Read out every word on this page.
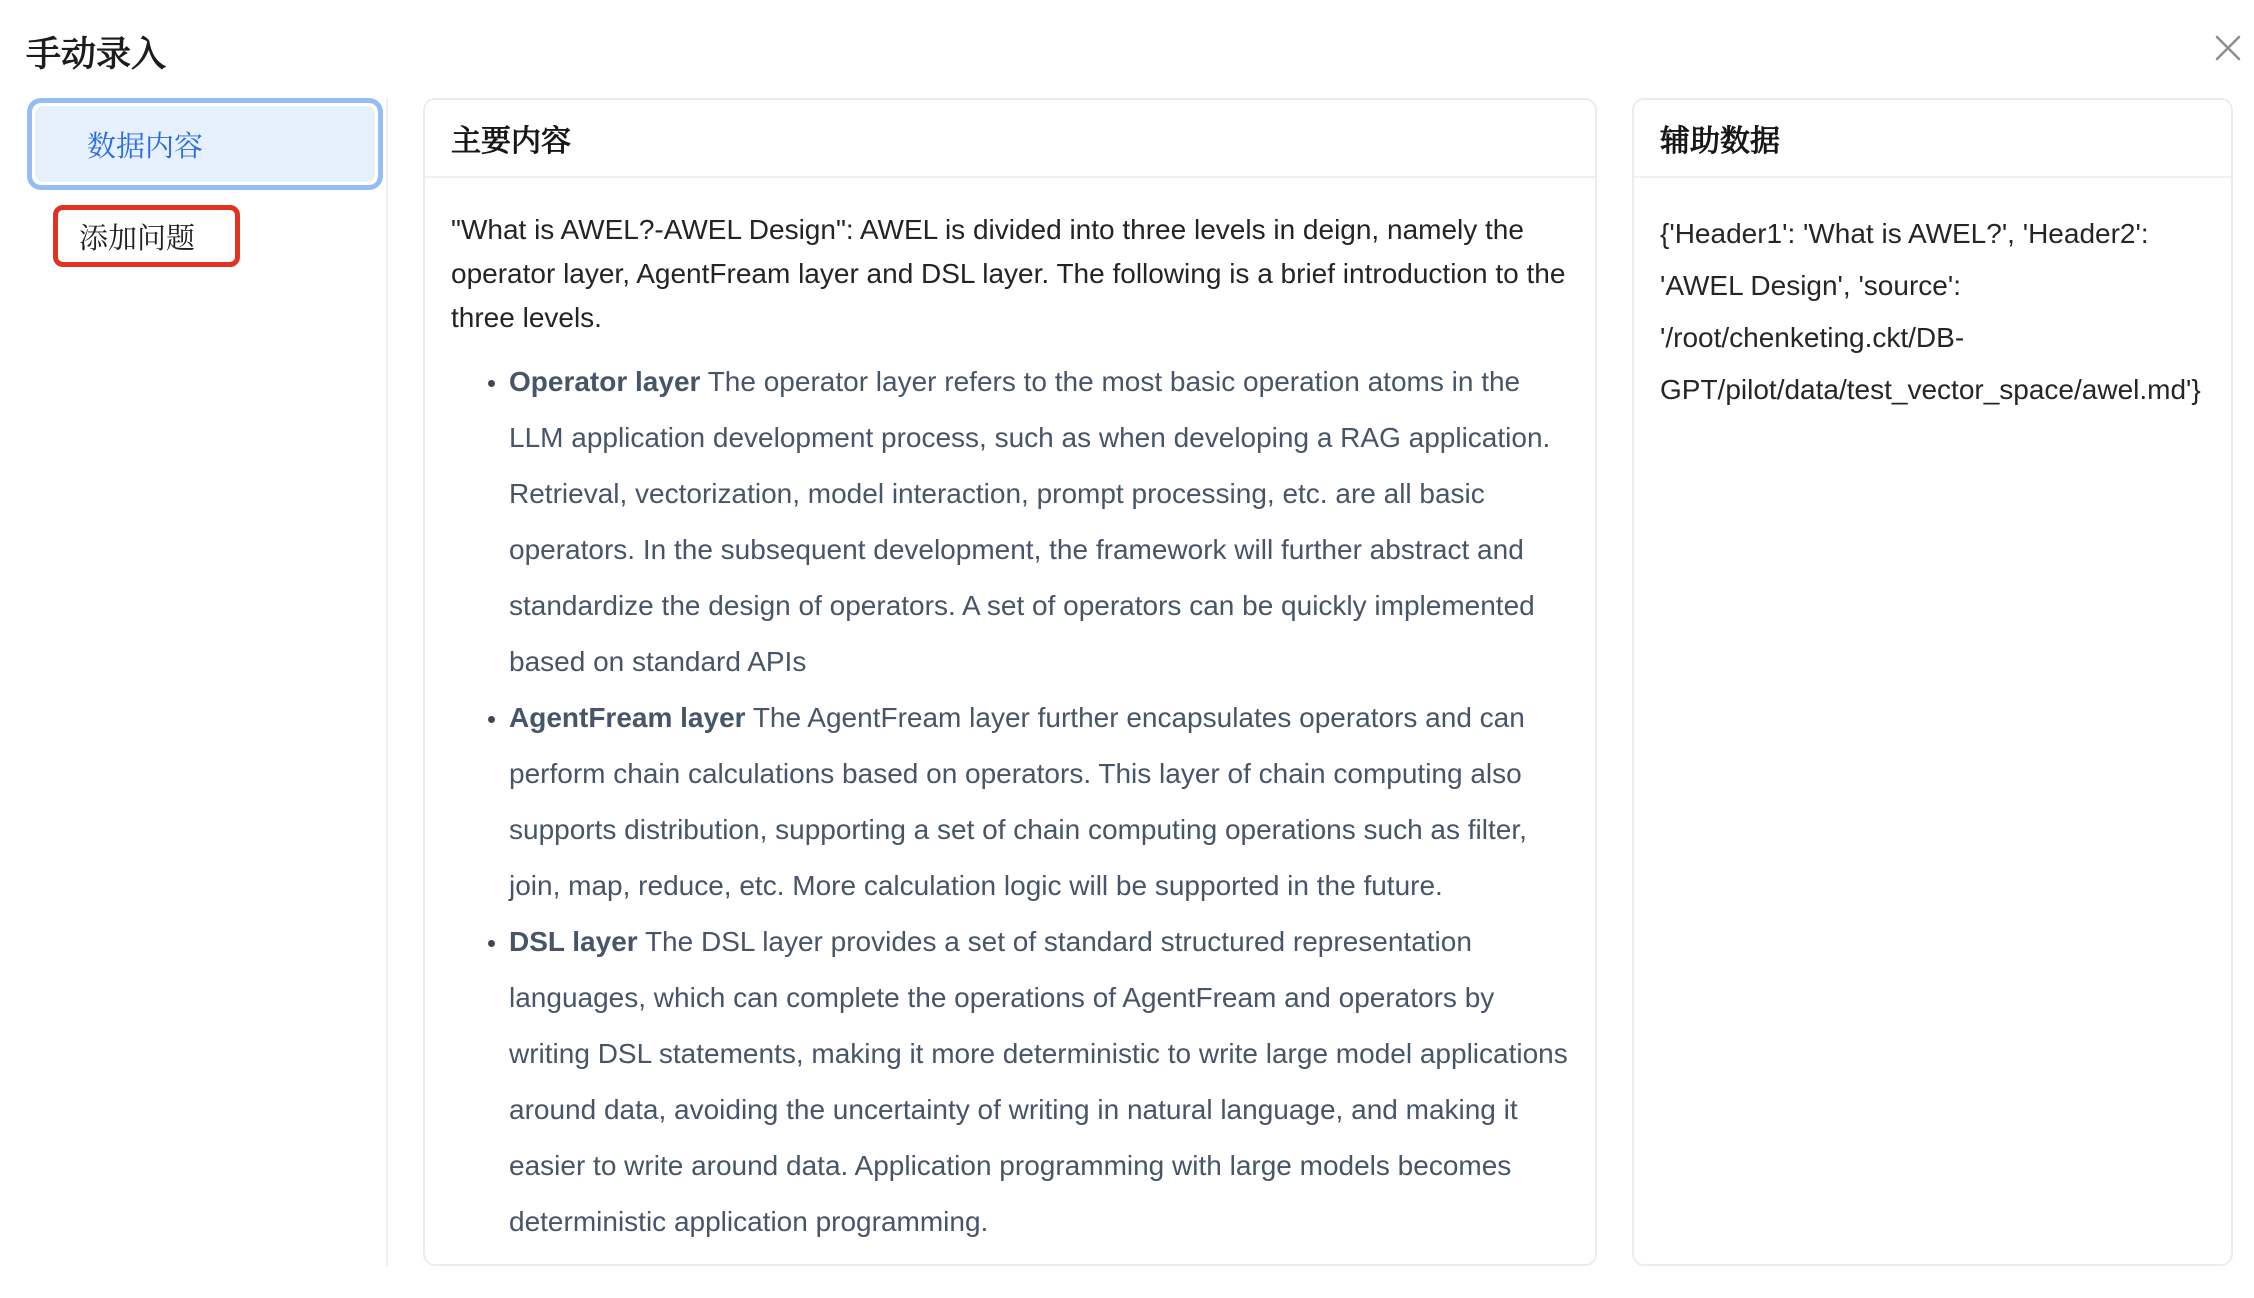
手动录入
数据内容
添加问题
主要内容

"What is AWEL?-AWEL Design": AWEL is divided into three levels in deign, namely the operator layer, AgentFream layer and DSL layer. The following is a brief introduction to the three levels.

• Operator layer The operator layer refers to the most basic operation atoms in the LLM application development process, such as when developing a RAG application. Retrieval, vectorization, model interaction, prompt processing, etc. are all basic operators. In the subsequent development, the framework will further abstract and standardize the design of operators. A set of operators can be quickly implemented based on standard APIs
• AgentFream layer The AgentFream layer further encapsulates operators and can perform chain calculations based on operators. This layer of chain computing also supports distribution, supporting a set of chain computing operations such as filter, join, map, reduce, etc. More calculation logic will be supported in the future.
• DSL layer The DSL layer provides a set of standard structured representation languages, which can complete the operations of AgentFream and operators by writing DSL statements, making it more deterministic to write large model applications around data, avoiding the uncertainty of writing in natural language, and making it easier to write around data. Application programming with large models becomes deterministic application programming.
辅助数据
{'Header1': 'What is AWEL?', 'Header2': 'AWEL Design', 'source': '/root/chenketing.ckt/DB-GPT/pilot/data/test_vector_space/awel.md'}
